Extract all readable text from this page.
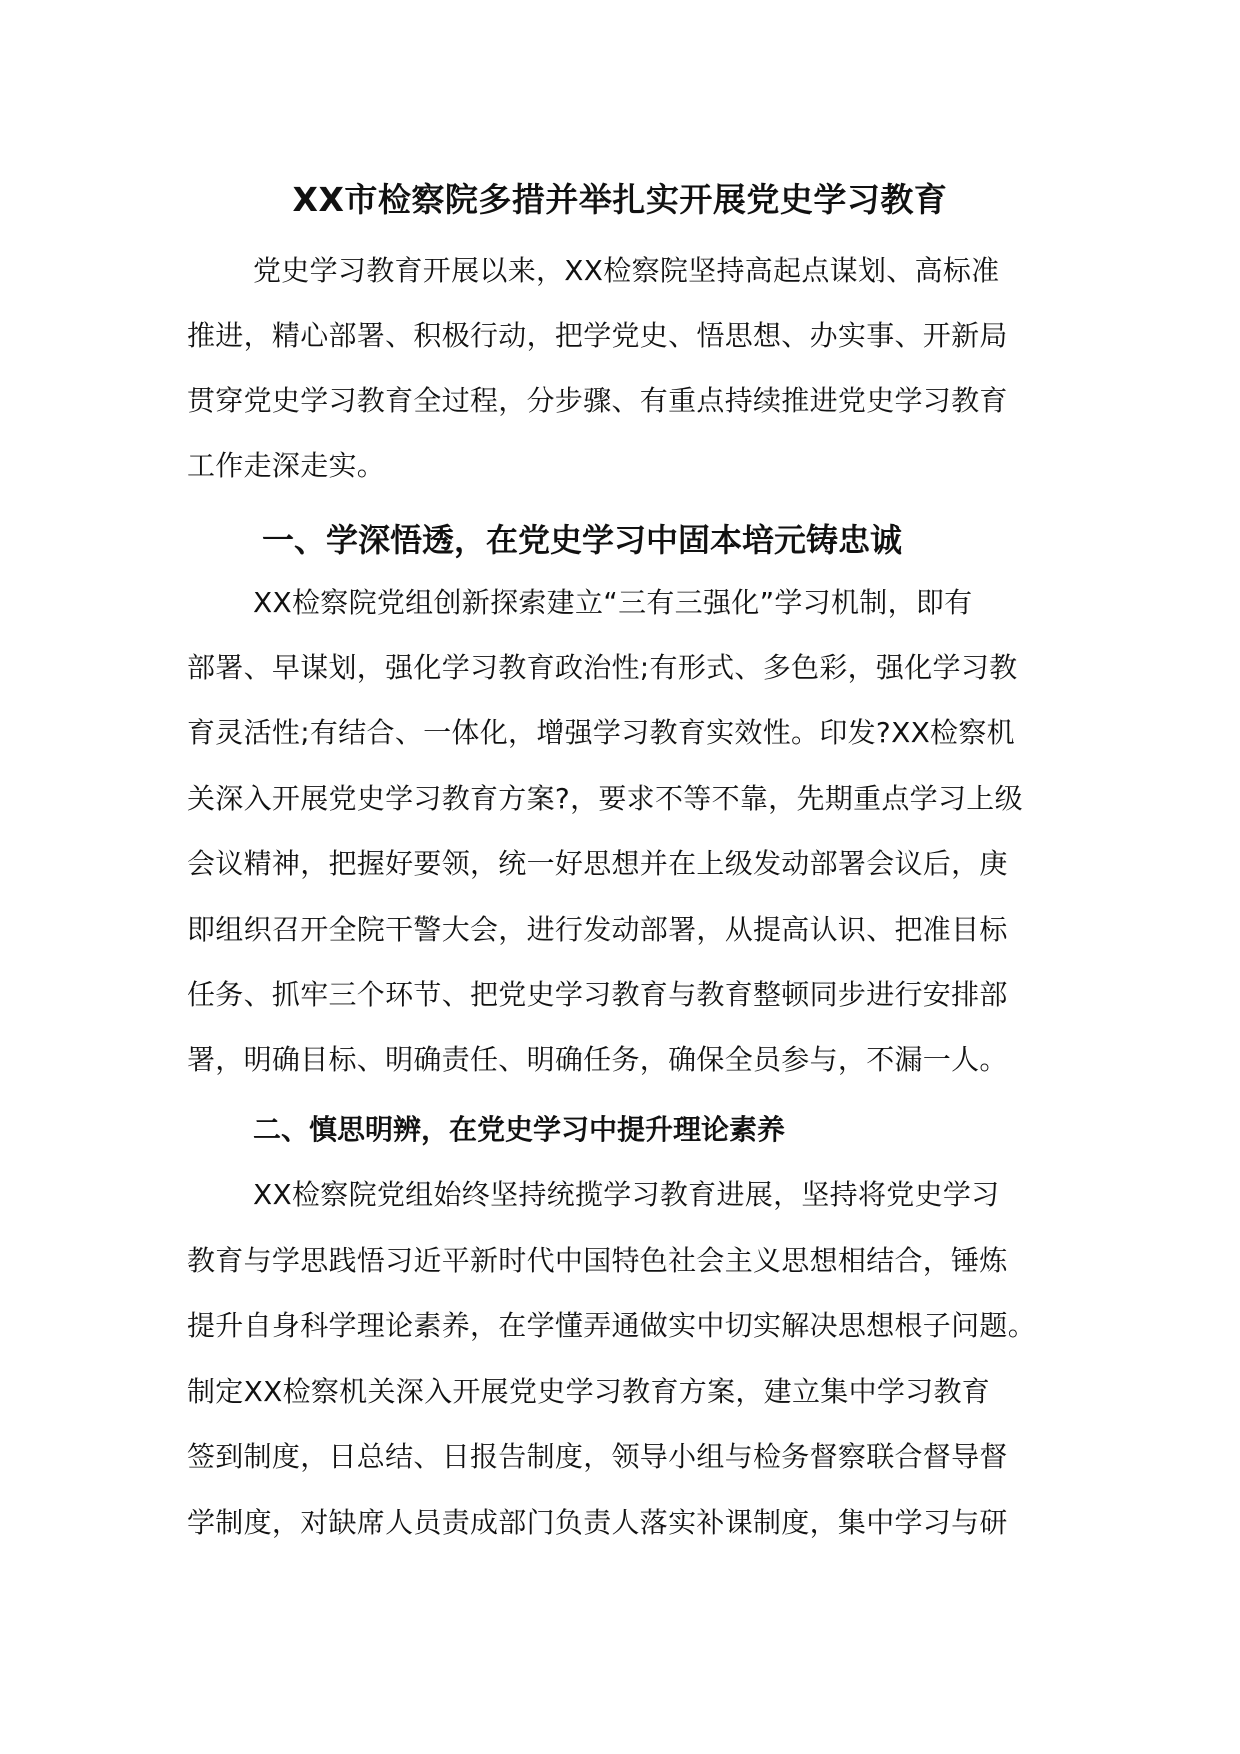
XX市检察院多措并举扎实开展党史学习教育
党史学习教育开展以来，XX检察院坚持高起点谋划、高标准
推进，精心部署、积极行动，把学党史、悟思想、办实事、开新局
贯穿党史学习教育全过程，分步骤、有重点持续推进党史学习教育
工作走深走实。
一、学深悟透，在党史学习中固本培元铸忠诚
XX检察院党组创新探索建立“三有三强化”学习机制，即有
部署、早谋划，强化学习教育政治性;有形式、多色彩，强化学习教
育灵活性;有结合、一体化，增强学习教育实效性。印发?XX检察机
关深入开展党史学习教育方案?，要求不等不靠，先期重点学习上级
会议精神，把握好要领，统一好思想并在上级发动部署会议后，庚
即组织召开全院干警大会，进行发动部署，从提高认识、把准目标
任务、抓牢三个环节、把党史学习教育与教育整顿同步进行安排部
署，明确目标、明确责任、明确任务，确保全员参与，不漏一人。
二、慎思明辨，在党史学习中提升理论素养
XX检察院党组始终坚持统揽学习教育进展，坚持将党史学习
教育与学思践悟习近平新时代中国特色社会主义思想相结合，锤炼
提升自身科学理论素养，在学懂弄通做实中切实解决思想根子问题。
制定XX检察机关深入开展党史学习教育方案，建立集中学习教育
签到制度，日总结、日报告制度，领导小组与检务督察联合督导督
学制度，对缺席人员责成部门负责人落实补课制度，集中学习与研
